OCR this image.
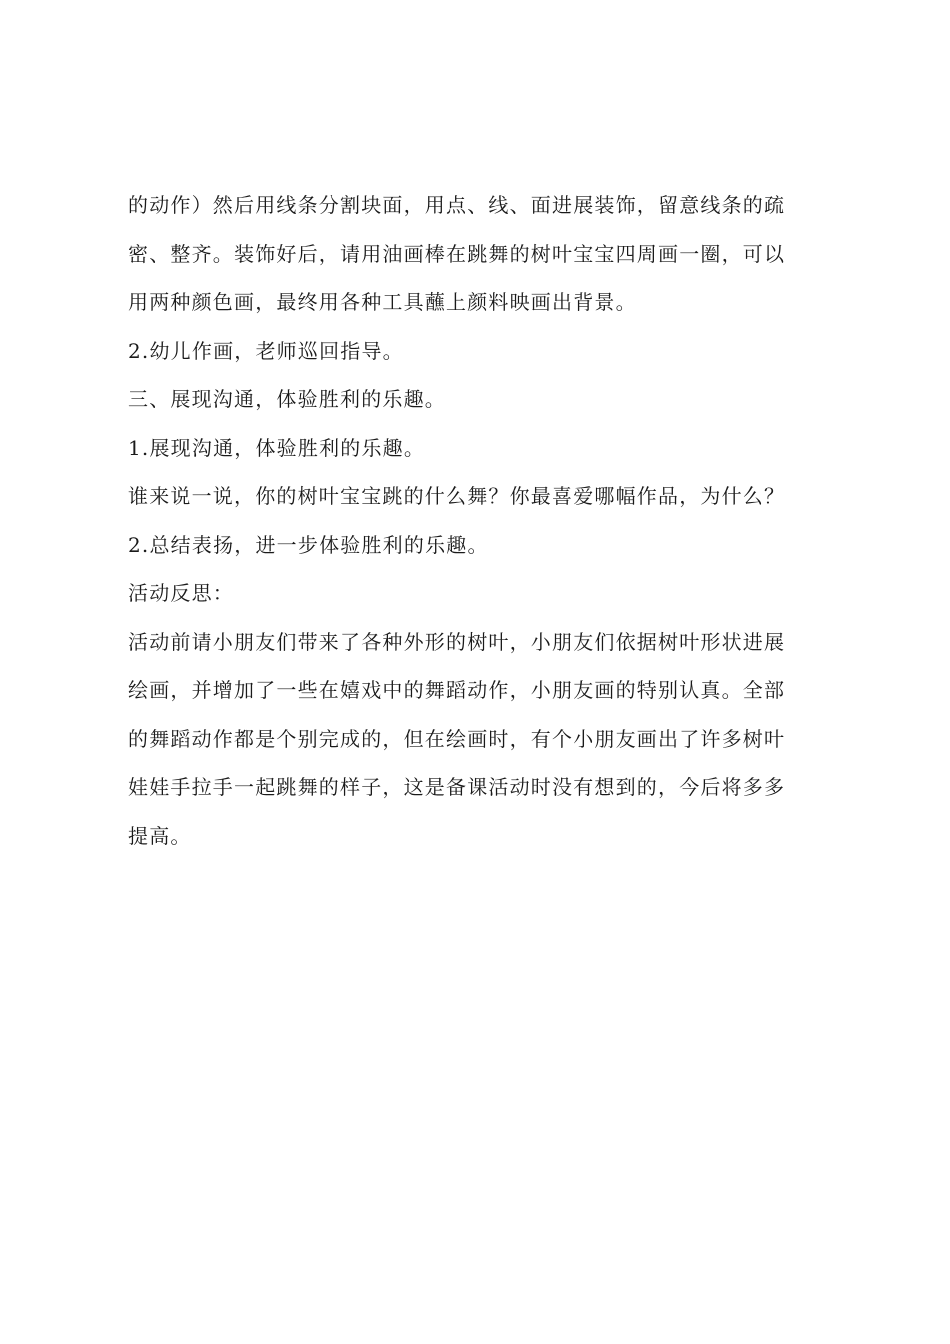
的动作）然后用线条分割块面，用点、线、面进展装饰，留意线条的疏
密、整齐。装饰好后，请用油画棒在跳舞的树叶宝宝四周画一圈，可以
用两种颜色画，最终用各种工具蘸上颜料映画出背景。
2.幼儿作画，老师巡回指导。
三、展现沟通，体验胜利的乐趣。
1.展现沟通，体验胜利的乐趣。
谁来说一说，你的树叶宝宝跳的什么舞？你最喜爱哪幅作品，为什么？
2.总结表扬，进一步体验胜利的乐趣。
活动反思：
活动前请小朋友们带来了各种外形的树叶，小朋友们依据树叶形状进展
绘画，并增加了一些在嬉戏中的舞蹈动作，小朋友画的特别认真。全部
的舞蹈动作都是个别完成的，但在绘画时，有个小朋友画出了许多树叶
娃娃手拉手一起跳舞的样子，这是备课活动时没有想到的，今后将多多
提高。
